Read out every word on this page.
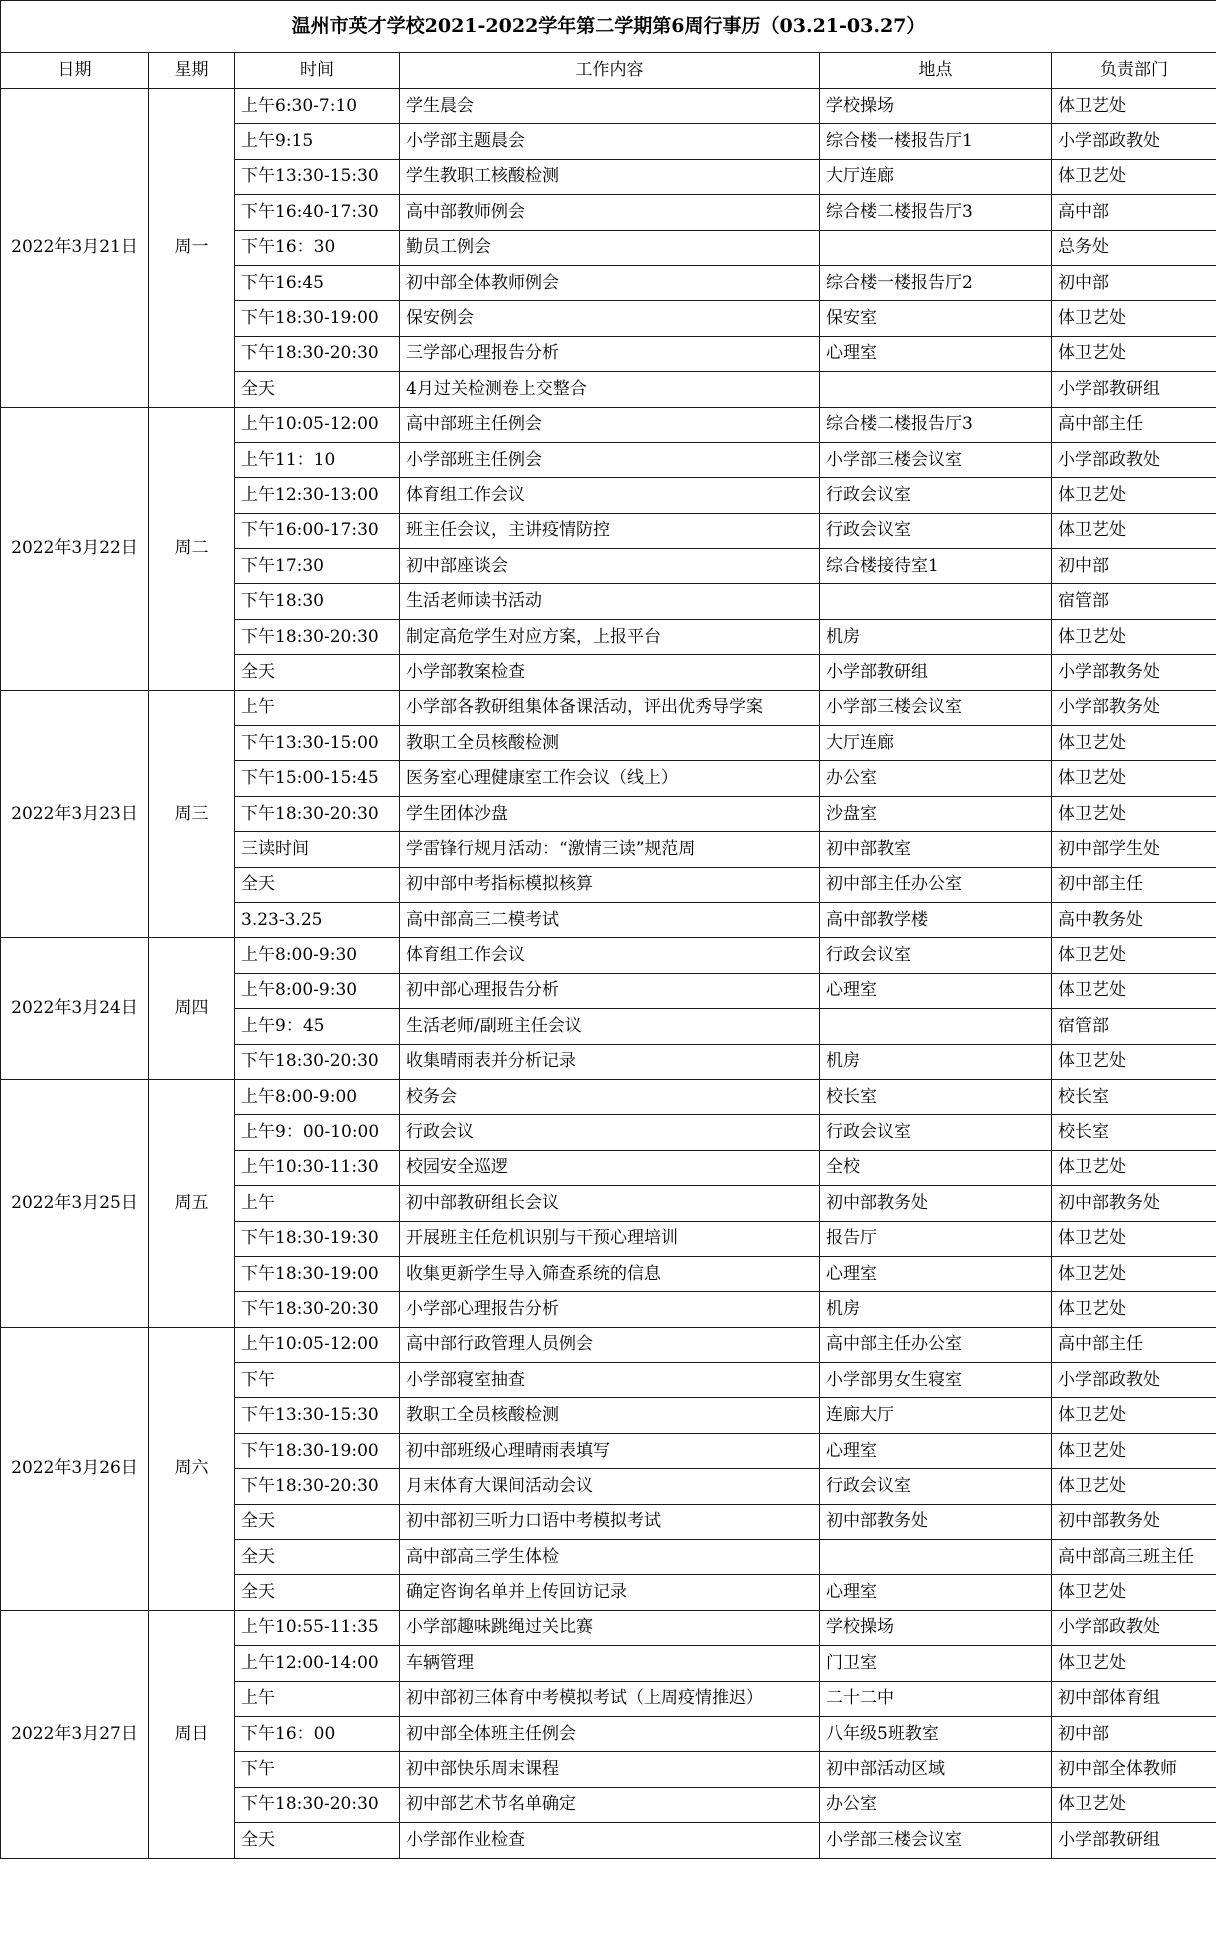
温州市英才学校2021-2022学年第二学期第6周行事历（03.21-03.27）					
日期	星期	时间	工作内容	地点	负责部门
2022年3月21日	周一	上午6:30-7:10	学生晨会	学校操场	体卫艺处
		上午9:15	小学部主题晨会	综合楼一楼报告厅1	小学部政教处
		下午13:30-15:30	学生教职工核酸检测	大厅连廊	体卫艺处
		下午16:40-17:30	高中部教师例会	综合楼二楼报告厅3	高中部
		下午16：30	勤员工例会		总务处
		下午16:45	初中部全体教师例会	综合楼一楼报告厅2	初中部
		下午18:30-19:00	保安例会	保安室	体卫艺处
		下午18:30-20:30	三学部心理报告分析	心理室	体卫艺处
		全天	4月过关检测卷上交整合		小学部教研组
2022年3月22日	周二	上午10:05-12:00	高中部班主任例会	综合楼二楼报告厅3	高中部主任
		上午11：10	小学部班主任例会	小学部三楼会议室	小学部政教处
		上午12:30-13:00	体育组工作会议	行政会议室	体卫艺处
		下午16:00-17:30	班主任会议，主讲疫情防控	行政会议室	体卫艺处
		下午17:30	初中部座谈会	综合楼接待室1	初中部
		下午18:30	生活老师读书活动		宿管部
		下午18:30-20:30	制定高危学生对应方案，上报平台	机房	体卫艺处
		全天	小学部教案检查	小学部教研组	小学部教务处
2022年3月23日	周三	上午	小学部各教研组集体备课活动，评出优秀导学案	小学部三楼会议室	小学部教务处
		下午13:30-15:00	教职工全员核酸检测	大厅连廊	体卫艺处
		下午15:00-15:45	医务室心理健康室工作会议（线上）	办公室	体卫艺处
		下午18:30-20:30	学生团体沙盘	沙盘室	体卫艺处
		三读时间	学雷锋行规月活动：“激情三读”规范周	初中部教室	初中部学生处
		全天	初中部中考指标模拟核算	初中部主任办公室	初中部主任
		3.23-3.25	高中部高三二模考试	高中部教学楼	高中教务处
2022年3月24日	周四	上午8:00-9:30	体育组工作会议	行政会议室	体卫艺处
		上午8:00-9:30	初中部心理报告分析	心理室	体卫艺处
		上午9：45	生活老师/副班主任会议		宿管部
		下午18:30-20:30	收集晴雨表并分析记录	机房	体卫艺处
2022年3月25日	周五	上午8:00-9:00	校务会	校长室	校长室
		上午9：00-10:00	行政会议	行政会议室	校长室
		上午10:30-11:30	校园安全巡逻	全校	体卫艺处
		上午	初中部教研组长会议	初中部教务处	初中部教务处
		下午18:30-19:30	开展班主任危机识别与干预心理培训	报告厅	体卫艺处
		下午18:30-19:00	收集更新学生导入筛查系统的信息	心理室	体卫艺处
		下午18:30-20:30	小学部心理报告分析	机房	体卫艺处
2022年3月26日	周六	上午10:05-12:00	高中部行政管理人员例会	高中部主任办公室	高中部主任
		下午	小学部寝室抽查	小学部男女生寝室	小学部政教处
		下午13:30-15:30	教职工全员核酸检测	连廊大厅	体卫艺处
		下午18:30-19:00	初中部班级心理晴雨表填写	心理室	体卫艺处
		下午18:30-20:30	月末体育大课间活动会议	行政会议室	体卫艺处
		全天	初中部初三听力口语中考模拟考试	初中部教务处	初中部教务处
		全天	高中部高三学生体检		高中部高三班主任
		全天	确定咨询名单并上传回访记录	心理室	体卫艺处
2022年3月27日	周日	上午10:55-11:35	小学部趣味跳绳过关比赛	学校操场	小学部政教处
		上午12:00-14:00	车辆管理	门卫室	体卫艺处
		上午	初中部初三体育中考模拟考试（上周疫情推迟）	二十二中	初中部体育组
		下午16：00	初中部全体班主任例会	八年级5班教室	初中部
		下午	初中部快乐周末课程	初中部活动区域	初中部全体教师
		下午18:30-20:30	初中部艺术节名单确定	办公室	体卫艺处
		全天	小学部作业检查	小学部三楼会议室	小学部教研组
